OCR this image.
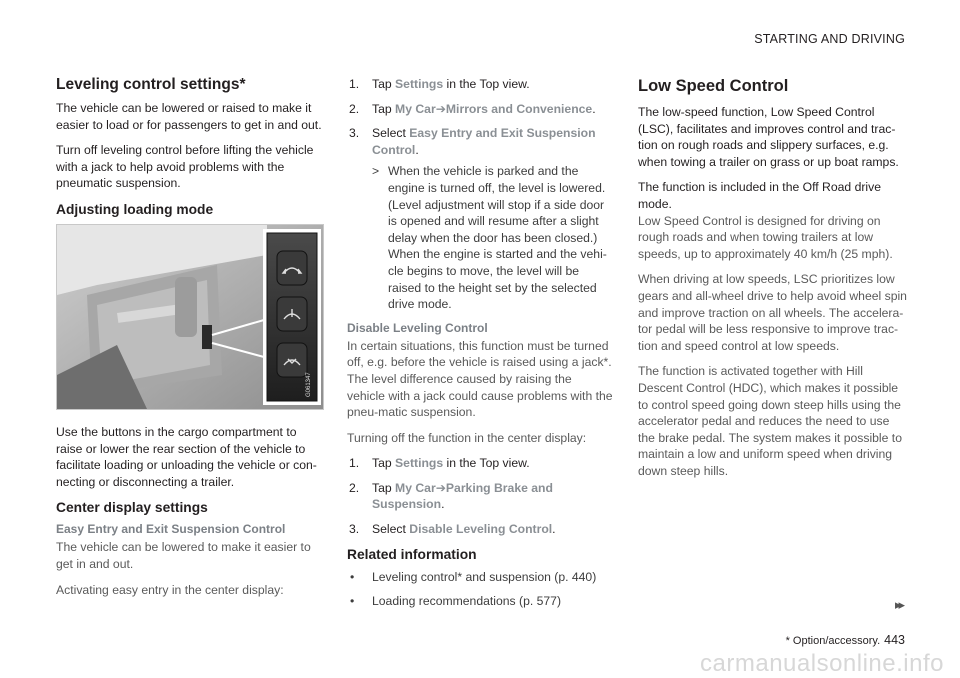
STARTING AND DRIVING
Leveling control settings*

The vehicle can be lowered or raised to make it easier to load or for passengers to get in and out.

Turn off leveling control before lifting the vehicle with a jack to help avoid problems with the pneumatic suspension.

Adjusting loading mode
G061347

Use the buttons in the cargo compartment to raise or lower the rear section of the vehicle to facilitate loading or unloading the vehicle or con-necting or disconnecting a trailer.

Center display settings
Easy Entry and Exit Suspension Control

The vehicle can be lowered to make it easier to get in and out.

Activating easy entry in the center display:

1. Tap Settings in the Top view.
2. Tap My Car➔Mirrors and Convenience.
3. Select Easy Entry and Exit Suspension Control.
> When the vehicle is parked and the engine is turned off, the level is lowered. (Level adjustment will stop if a side door is opened and will resume after a slight delay when the door has been closed.) When the engine is started and the vehi-cle begins to move, the level will be raised to the height set by the selected drive mode.
Disable Leveling Control

In certain situations, this function must be turned off, e.g. before the vehicle is raised using a jack*. The level difference caused by raising the vehicle with a jack could cause problems with the pneu-matic suspension.

Turning off the function in the center display:

1. Tap Settings in the Top view.
2. Tap My Car➔Parking Brake and Suspension.
3. Select Disable Leveling Control.
Related information
• Leveling control* and suspension (p. 440)
• Loading recommendations (p. 577)
Low Speed Control

The low-speed function, Low Speed Control (LSC), facilitates and improves control and trac-tion on rough roads and slippery surfaces, e.g. when towing a trailer on grass or up boat ramps.

The function is included in the Off Road drive mode.

Low Speed Control is designed for driving on rough roads and when towing trailers at low speeds, up to approximately 40 km/h (25 mph).

When driving at low speeds, LSC prioritizes low gears and all-wheel drive to help avoid wheel spin and improve traction on all wheels. The accelera-tor pedal will be less responsive to improve trac-tion and speed control at low speeds.

The function is activated together with Hill Descent Control (HDC), which makes it possible to control speed going down steep hills using the accelerator pedal and reduces the need to use the brake pedal. The system makes it possible to maintain a low and uniform speed when driving down steep hills.

▸▸
* Option/accessory. 443
carmanualsonline.info
